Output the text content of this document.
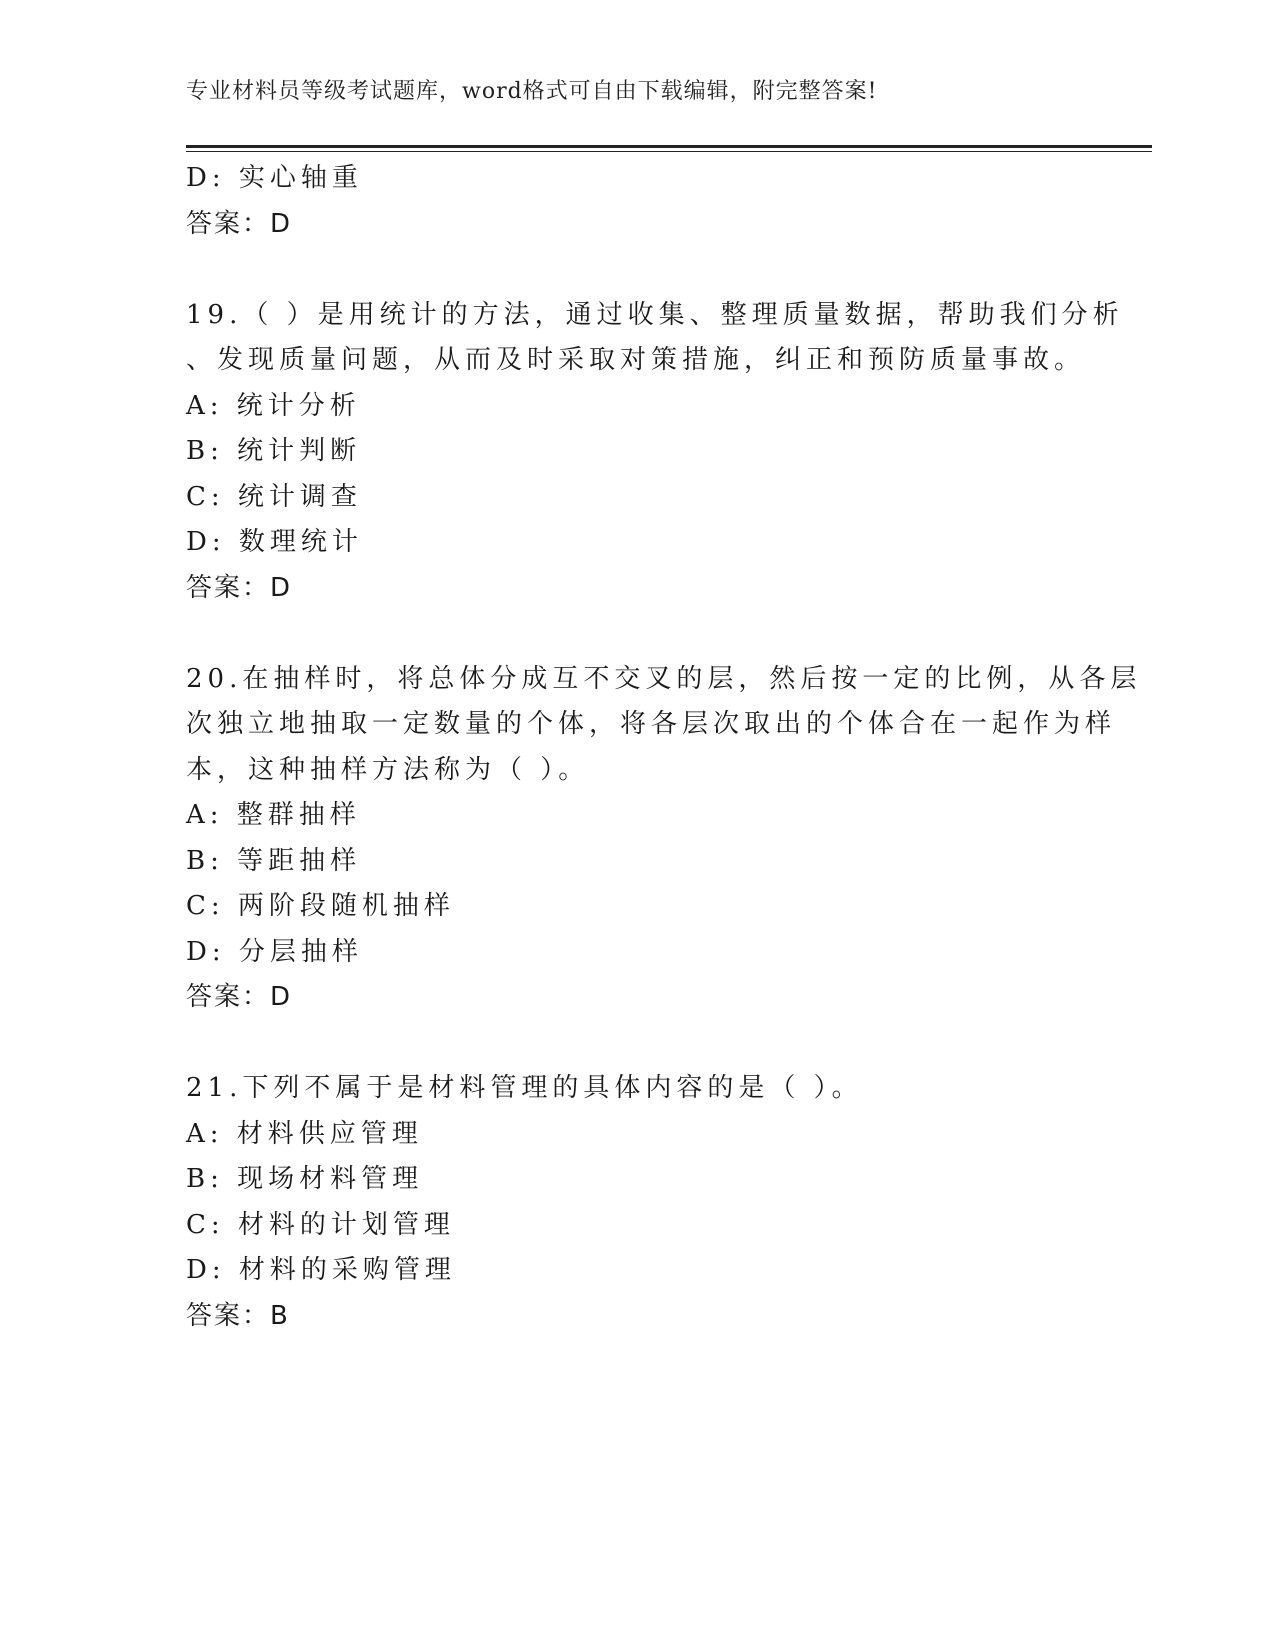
专业材料员等级考试题库，word格式可自由下载编辑，附完整答案!
D: 实心轴重
答案：D
19.（ ）是用统计的方法，通过收集、整理质量数据，帮助我们分析
、发现质量问题，从而及时采取对策措施，纠正和预防质量事故。
A: 统计分析
B: 统计判断
C: 统计调查
D: 数理统计
答案：D
20.在抽样时，将总体分成互不交叉的层，然后按一定的比例，从各层
次独立地抽取一定数量的个体，将各层次取出的个体合在一起作为样
本，这种抽样方法称为（ ）。
A: 整群抽样
B: 等距抽样
C: 两阶段随机抽样
D: 分层抽样
答案：D
21.下列不属于是材料管理的具体内容的是（ ）。
A: 材料供应管理
B: 现场材料管理
C: 材料的计划管理
D: 材料的采购管理
答案：B
